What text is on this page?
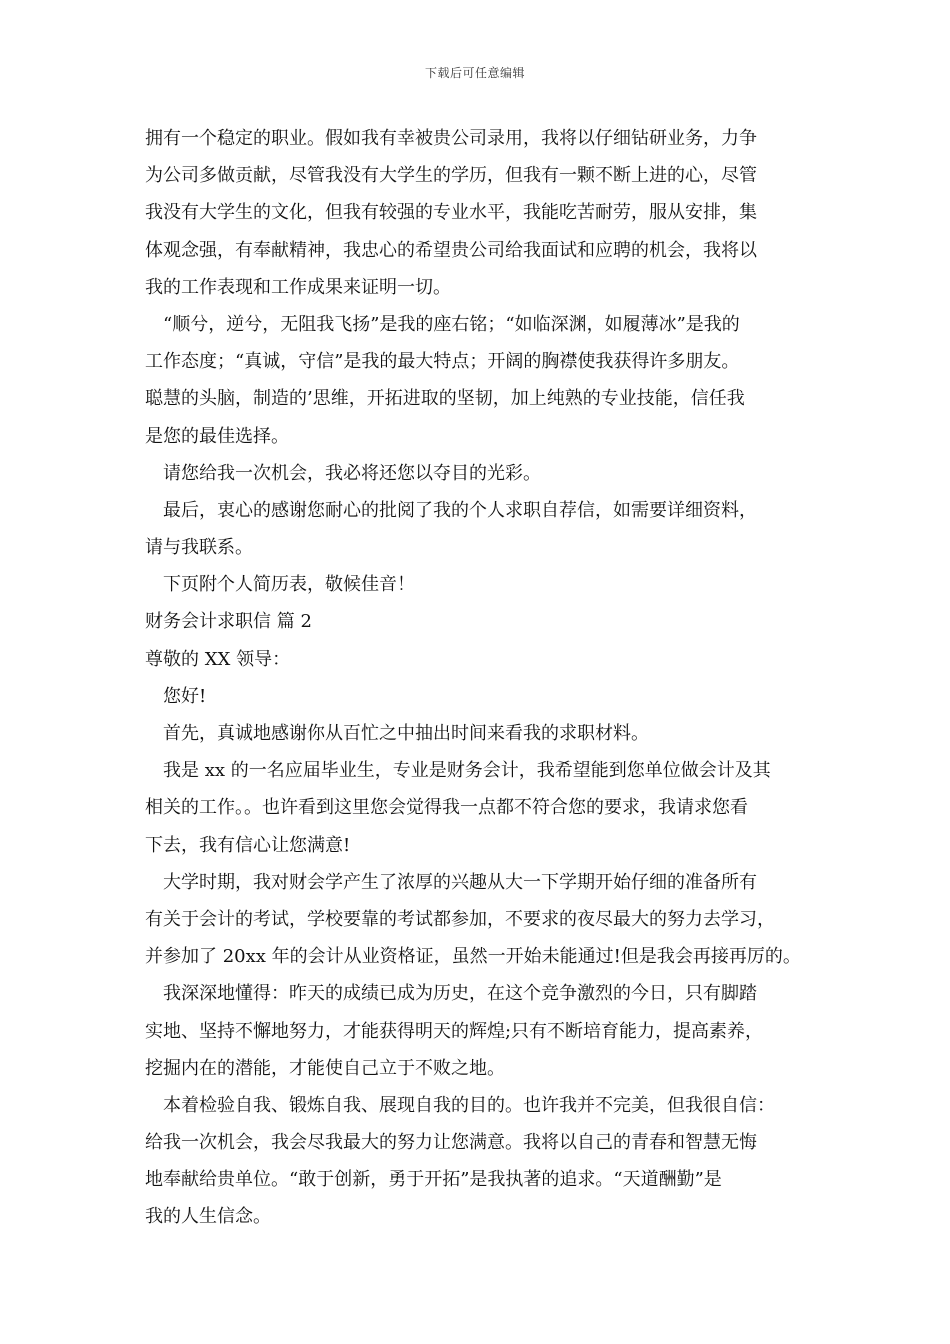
下载后可任意编辑
拥有一个稳定的职业。假如我有幸被贵公司录用，我将以仔细钻研业务，力争
为公司多做贡献，尽管我没有大学生的学历，但我有一颗不断上进的心，尽管
我没有大学生的文化，但我有较强的专业水平，我能吃苦耐劳，服从安排，集
体观念强，有奉献精神，我忠心的希望贵公司给我面试和应聘的机会，我将以
我的工作表现和工作成果来证明一切。
“顺兮，逆兮，无阻我飞扬”是我的座右铭；“如临深渊，如履薄冰”是我的
工作态度；“真诚，守信”是我的最大特点；开阔的胸襟使我获得许多朋友。
聪慧的头脑，制造的’思维，开拓进取的坚韧，加上纯熟的专业技能，信任我
是您的最佳选择。
请您给我一次机会，我必将还您以夺目的光彩。
最后，衷心的感谢您耐心的批阅了我的个人求职自荐信，如需要详细资料，
请与我联系。
下页附个人简历表，敬候佳音！
财务会计求职信 篇 2
尊敬的 XX 领导：
您好!
首先，真诚地感谢你从百忙之中抽出时间来看我的求职材料。
我是 xx 的一名应届毕业生，专业是财务会计，我希望能到您单位做会计及其
相关的工作。。也许看到这里您会觉得我一点都不符合您的要求，我请求您看
下去，我有信心让您满意!
大学时期，我对财会学产生了浓厚的兴趣从大一下学期开始仔细的准备所有
有关于会计的考试，学校要靠的考试都参加，不要求的夜尽最大的努力去学习，
并参加了 20xx 年的会计从业资格证，虽然一开始未能通过!但是我会再接再厉的。
我深深地懂得：昨天的成绩已成为历史，在这个竞争激烈的今日，只有脚踏
实地、坚持不懈地努力，才能获得明天的辉煌;只有不断培育能力，提高素养，
挖掘内在的潜能，才能使自己立于不败之地。
本着检验自我、锻炼自我、展现自我的目的。也许我并不完美，但我很自信：
给我一次机会，我会尽我最大的努力让您满意。我将以自己的青春和智慧无悔
地奉献给贵单位。“敢于创新，勇于开拓”是我执著的追求。“天道酬勤”是
我的人生信念。
